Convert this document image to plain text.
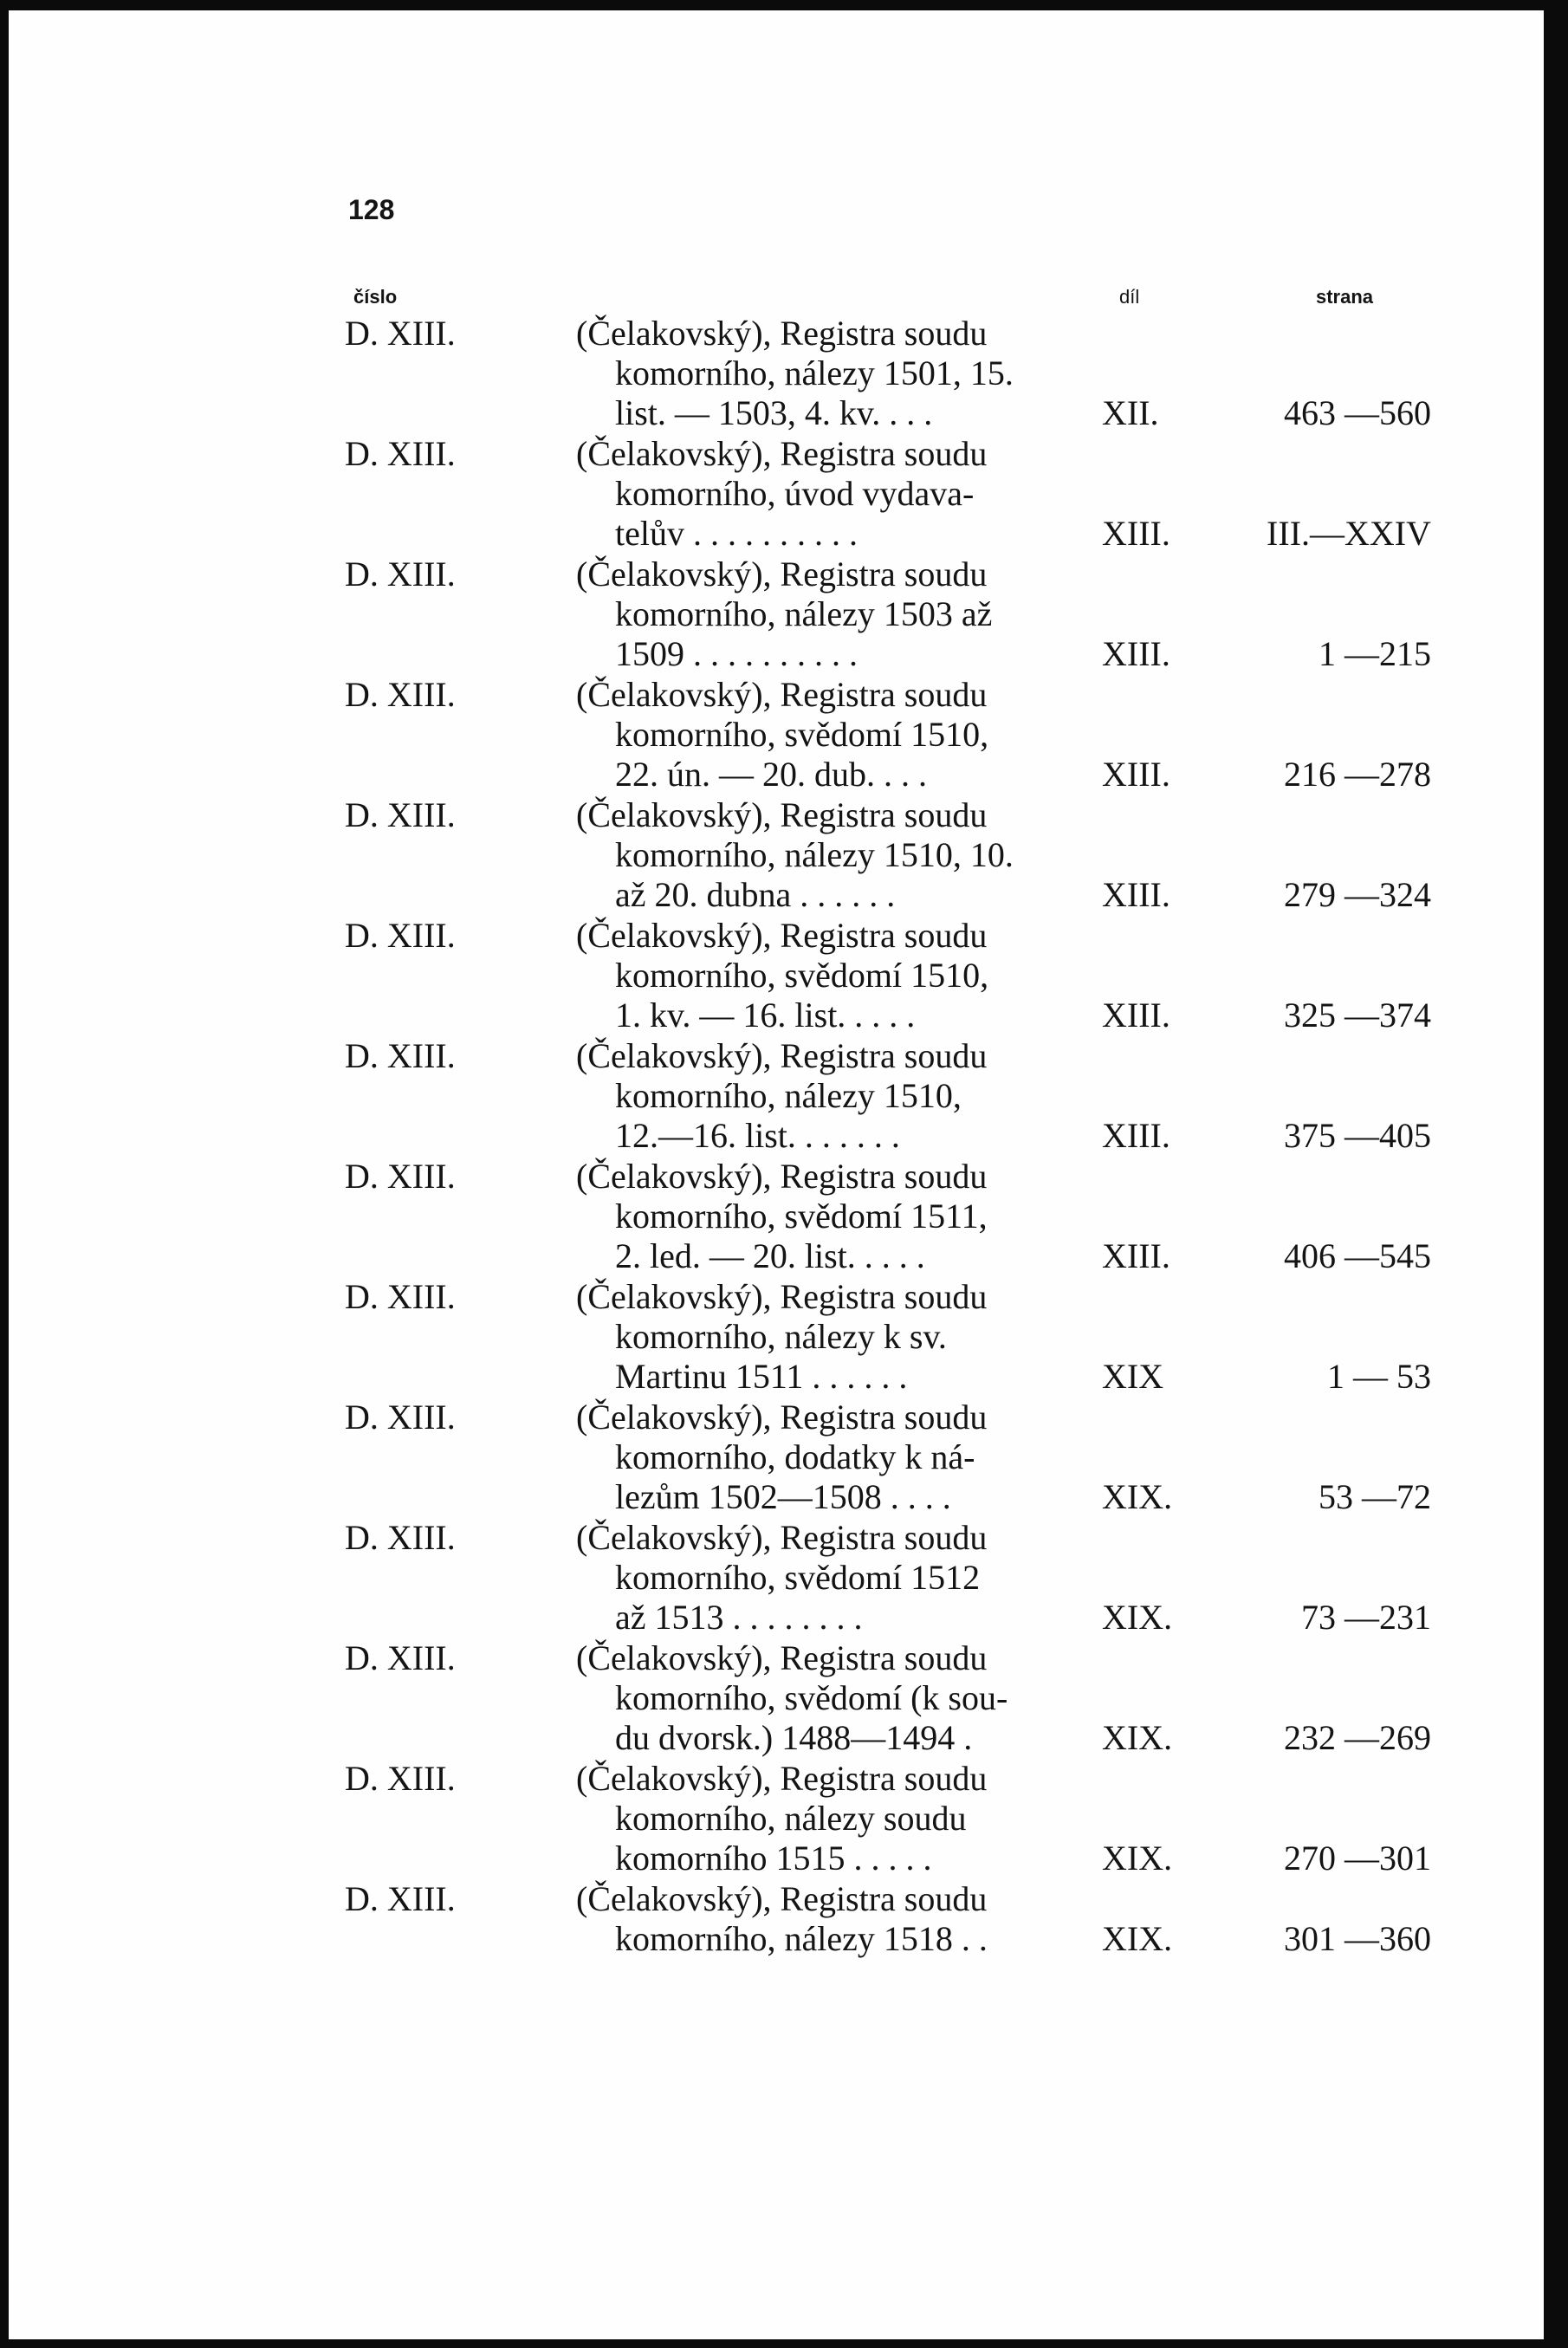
128
číslo	díl	strana
D. XIII.	(Čelakovský), Registra soudu
komorního, nálezy 1501, 15.
list. — 1503, 4. kv. . . .	XII.	463 —560
D. XIII.	(Čelakovský), Registra soudu
komorního, úvod vydava-
telův . . . . . . . . . .	XIII.	III.—XXIV
D. XIII.	(Čelakovský), Registra soudu
komorního, nálezy 1503 až
1509 . . . . . . . . . .	XIII.	1 —215
D. XIII.	(Čelakovský), Registra soudu
komorního, svědomí 1510,
22. ún. — 20. dub. . . .	XIII.	216 —278
D. XIII.	(Čelakovský), Registra soudu
komorního, nálezy 1510, 10.
až 20. dubna . . . . . .	XIII.	279 —324
D. XIII.	(Čelakovský), Registra soudu
komorního, svědomí 1510,
1. kv. — 16. list. . . . .	XIII.	325 —374
D. XIII.	(Čelakovský), Registra soudu
komorního, nálezy 1510,
12.—16. list. . . . . . .	XIII.	375 —405
D. XIII.	(Čelakovský), Registra soudu
komorního, svědomí 1511,
2. led. — 20. list. . . . .	XIII.	406 —545
D. XIII.	(Čelakovský), Registra soudu
komorního, nálezy k sv.
Martinu 1511 . . . . . .	XIX	1 — 53
D. XIII.	(Čelakovský), Registra soudu
komorního, dodatky k ná-
lezům 1502—1508 . . . .	XIX.	53 —72
D. XIII.	(Čelakovský), Registra soudu
komorního, svědomí 1512
až 1513 . . . . . . . .	XIX.	73 —231
D. XIII.	(Čelakovský), Registra soudu
komorního, svědomí (k sou-
du dvorsk.) 1488—1494 .	XIX.	232 —269
D. XIII.	(Čelakovský), Registra soudu
komorního, nálezy soudu
komorního 1515 . . . . .	XIX.	270 —301
D. XIII.	(Čelakovský), Registra soudu
komorního, nálezy 1518 . .	XIX.	301 —360
